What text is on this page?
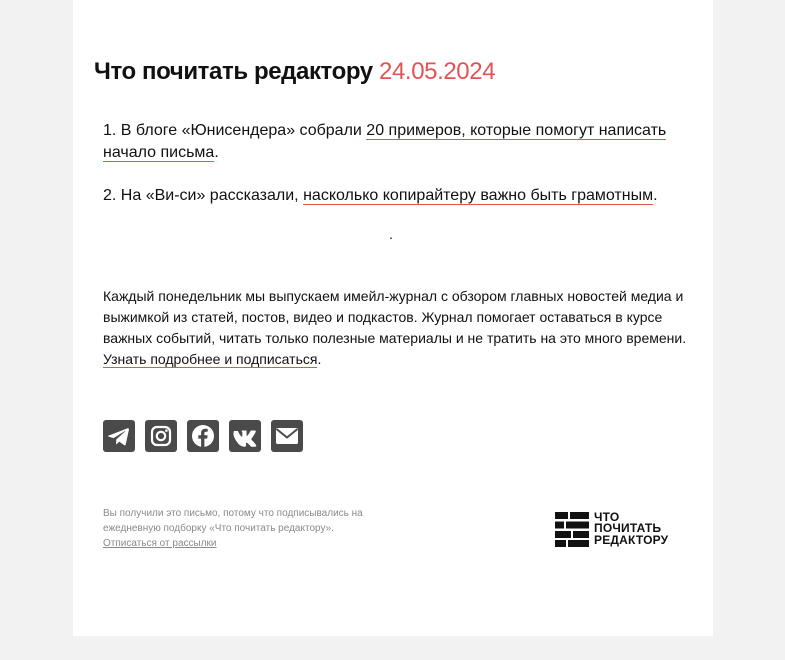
Что почитать редактору 24.05.2024
1. В блоге «Юнисендера» собрали 20 примеров, которые помогут написать начало письма.
2. На «Ви-си» рассказали, насколько копирайтеру важно быть грамотным.
.
Каждый понедельник мы выпускаем имейл-журнал с обзором главных новостей медиа и выжимкой из статей, постов, видео и подкастов. Журнал помогает оставаться в курсе важных событий, читать только полезные материалы и не тратить на это много времени. Узнать подробнее и подписаться.
Вы получили это письмо, потому что подписывались на ежедневную подборку «Что почитать редактору».
Отписаться от рассылки
ЧТО
ПОЧИТАТЬ
РЕДАКТОРУ
